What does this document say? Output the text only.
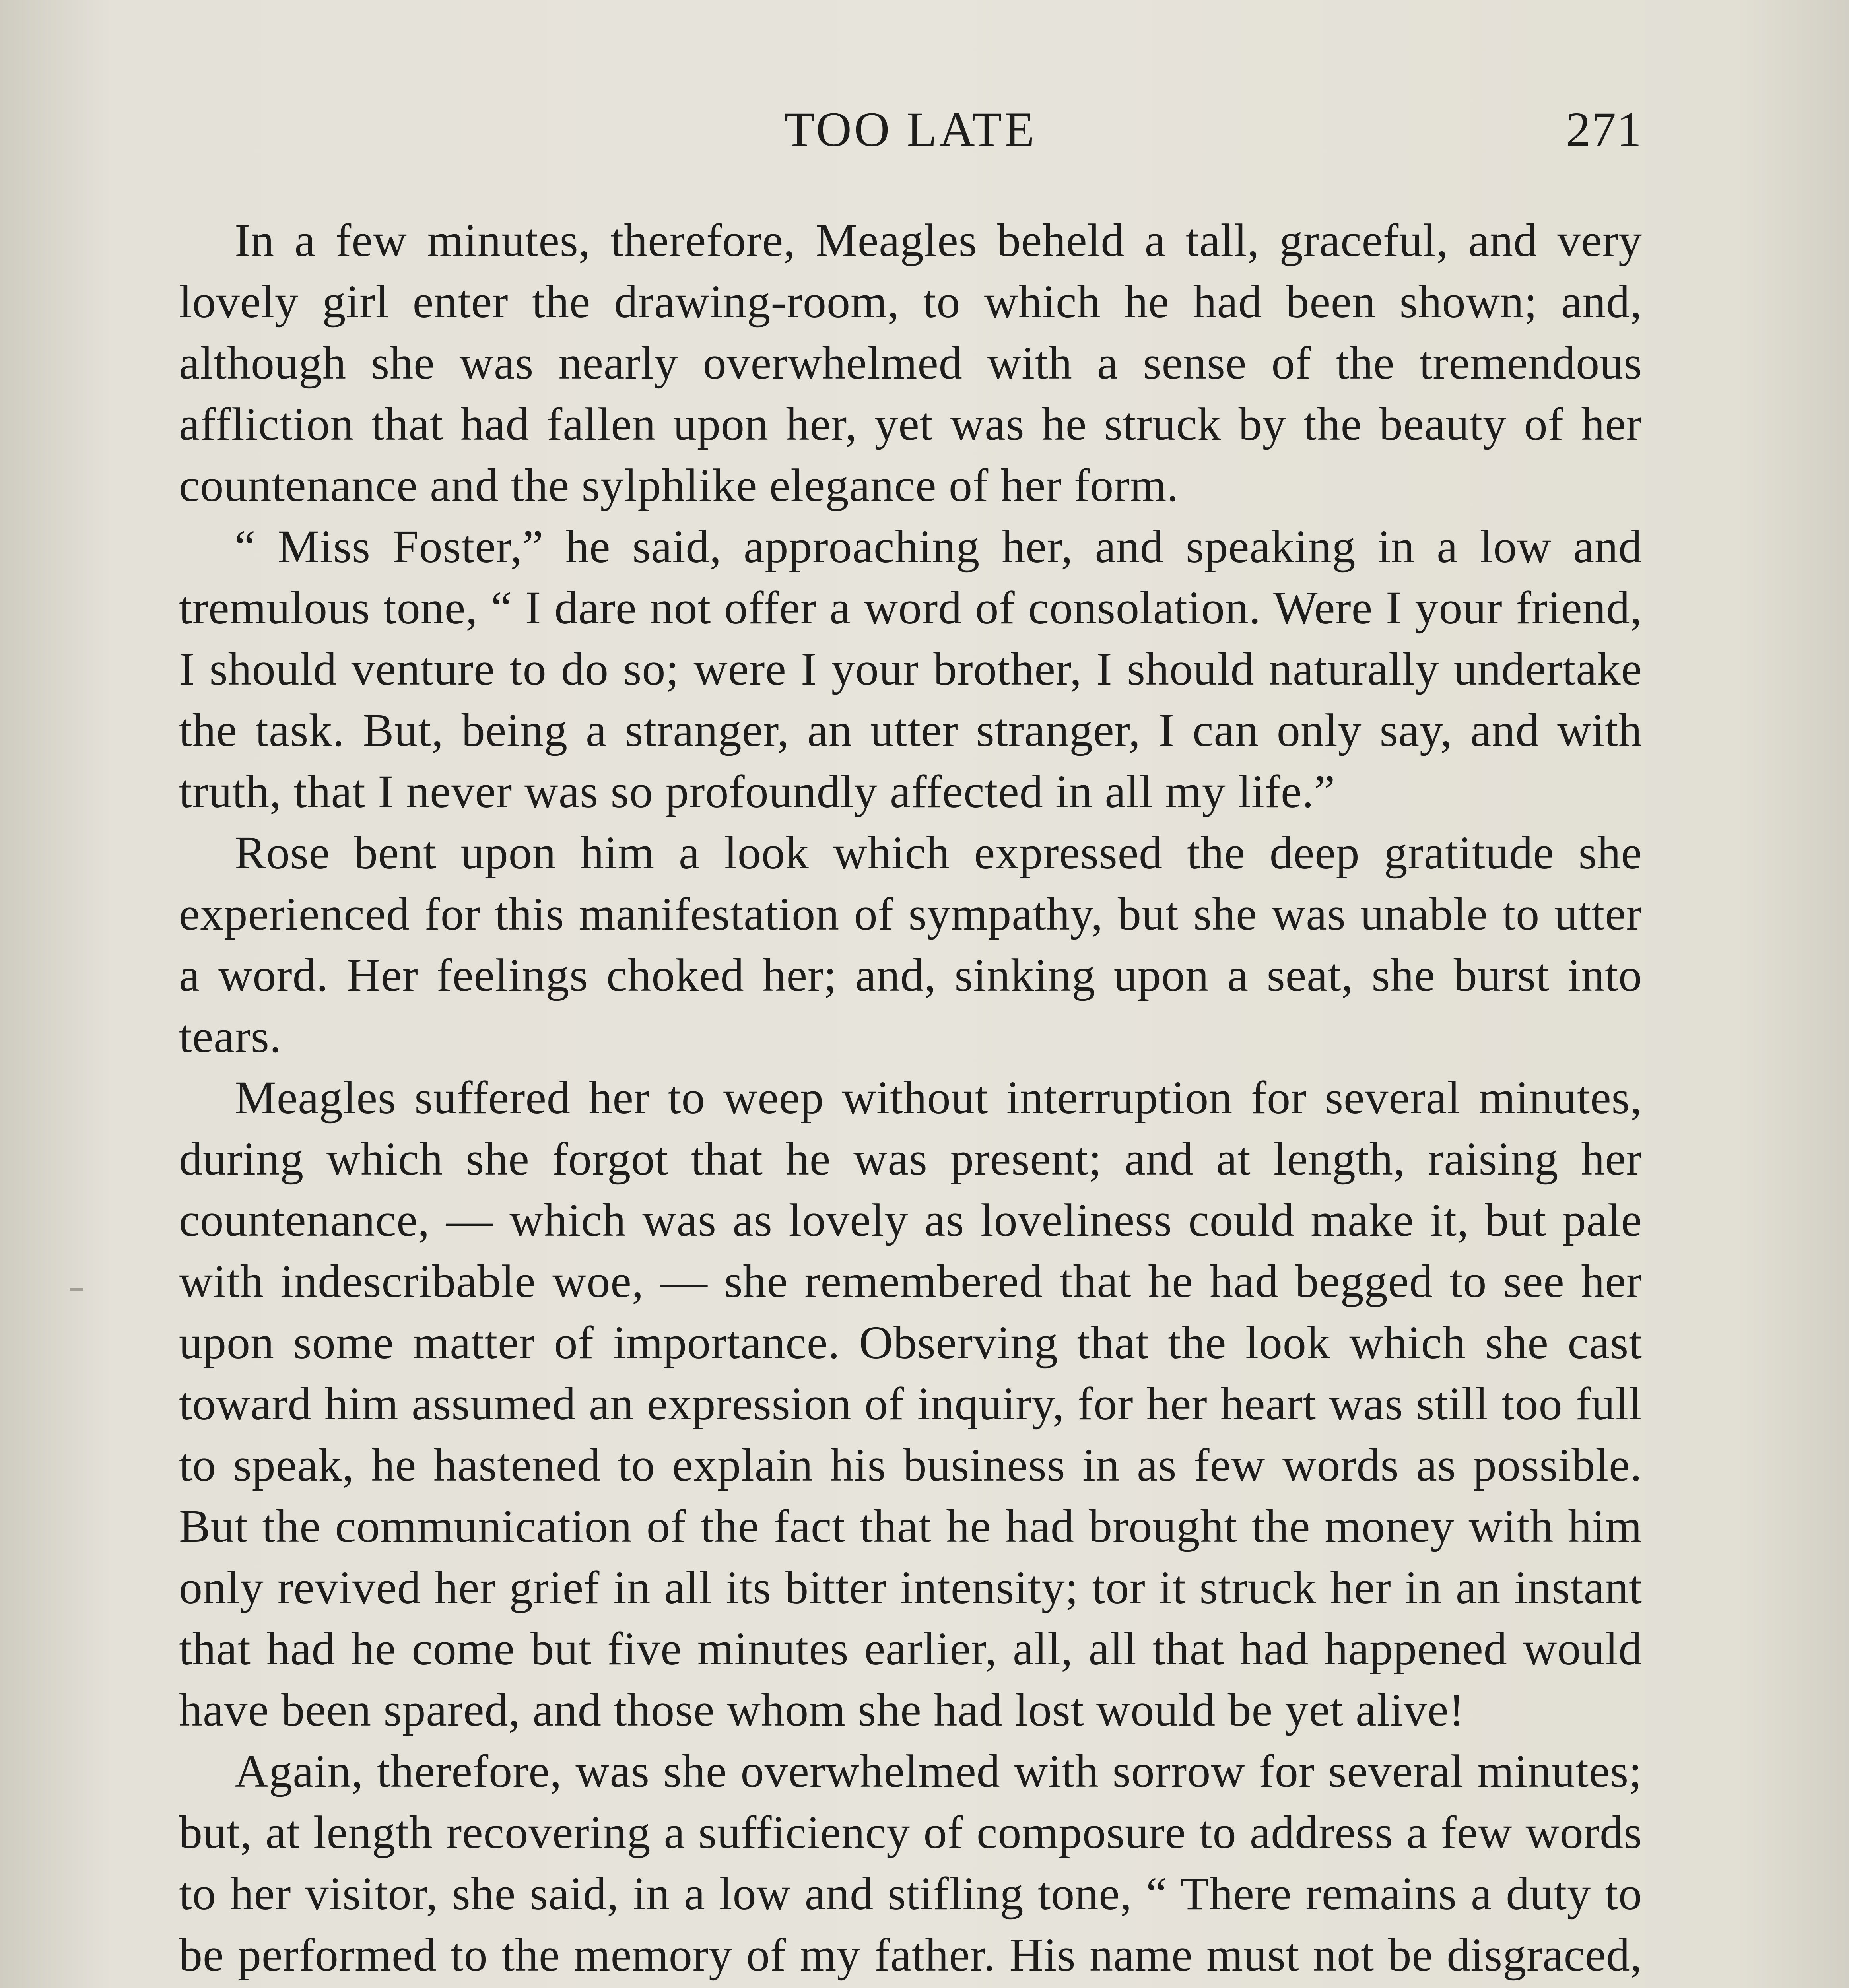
TOO LATE	271

In a few minutes, therefore, Meagles beheld a tall, graceful, and very lovely girl enter the drawing-room, to which he had been shown; and, although she was nearly overwhelmed with a sense of the tremendous affliction that had fallen upon her, yet was he struck by the beauty of her countenance and the sylphlike elegance of her form.

“ Miss Foster,” he said, approaching her, and speaking in a low and tremulous tone, “ I dare not offer a word of consolation. Were I your friend, I should venture to do so; were I your brother, I should naturally undertake the task. But, being a stranger, an utter stranger, I can only say, and with truth, that I never was so profoundly affected in all my life.”

Rose bent upon him a look which expressed the deep gratitude she experienced for this manifestation of sympathy, but she was unable to utter a word. Her feelings choked her; and, sinking upon a seat, she burst into tears.

Meagles suffered her to weep without interruption for several minutes, during which she forgot that he was present; and at length, raising her countenance, — which was as lovely as loveliness could make it, but pale with indescribable woe, — she remembered that he had begged to see her upon some matter of importance. Observing that the look which she cast toward him assumed an expression of inquiry, for her heart was still too full to speak, he hastened to explain his business in as few words as possible. But the communication of the fact that he had brought the money with him only revived her grief in all its bitter intensity; tor it struck her in an instant that had he come but five minutes earlier, all, all that had happened would have been spared, and those whom she had lost would be yet alive!

Again, therefore, was she overwhelmed with sorrow for several minutes; but, at length recovering a sufficiency of composure to address a few words to her visitor, she said, in a low and stifling tone, “ There remains a duty to be performed to the memory of my father. His name must not be disgraced,
